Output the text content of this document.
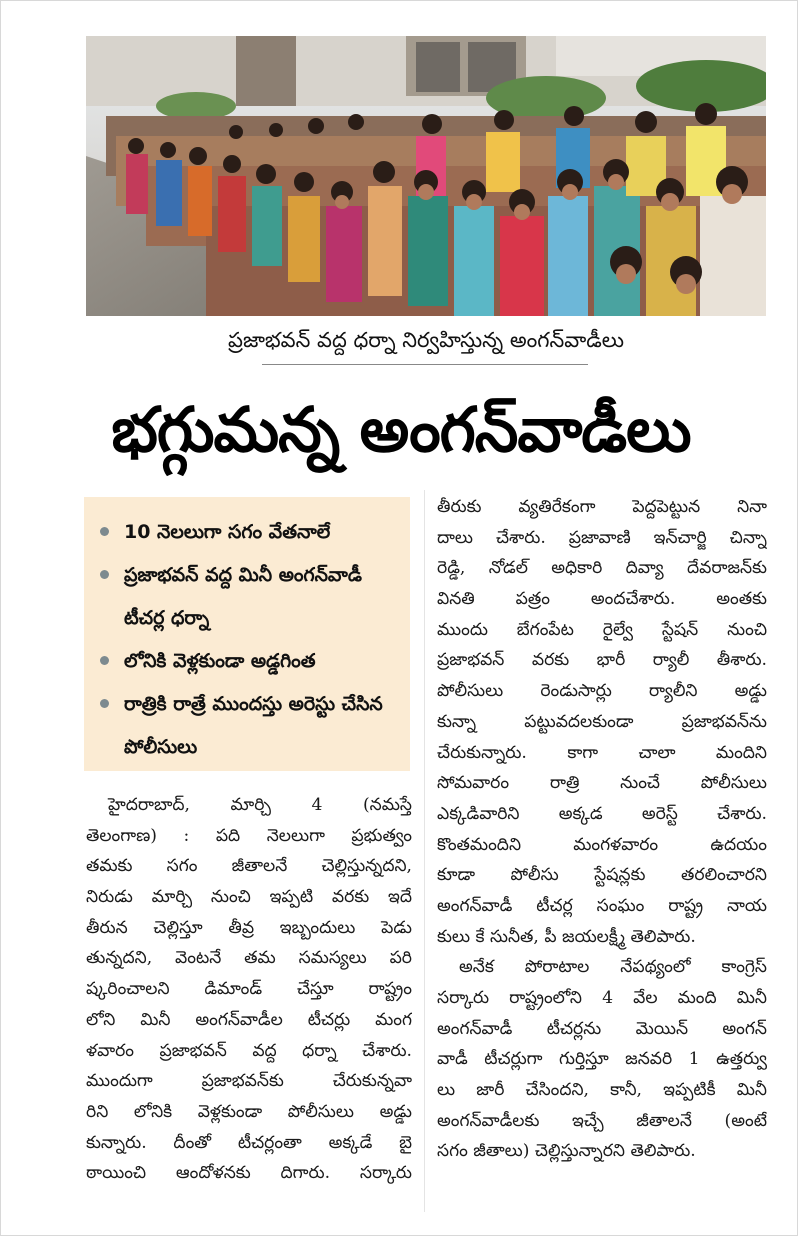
ప్రజాభవన్ వద్ద ధర్నా నిర్వహిస్తున్న అంగన్‌వాడీలు
భగ్గుమన్న అంగన్‌వాడీలు
10 నెలలుగా సగం వేతనాలే
ప్రజాభవన్ వద్ద మినీ అంగన్‌వాడీ టీచర్ల ధర్నా
లోనికి వెళ్లకుండా అడ్డగింత
రాత్రికి రాత్రే ముందస్తు అరెస్టు చేసిన పోలీసులు
హైదరాబాద్, మార్చి 4 (నమస్తే
తెలంగాణ) : పది నెలలుగా ప్రభుత్వం
తమకు సగం జీతాలనే చెల్లిస్తున్నదని,
నిరుడు మార్చి నుంచి ఇప్పటి వరకు ఇదే
తీరున చెల్లిస్తూ తీవ్ర ఇబ్బందులు పెడు
తున్నదని, వెంటనే తమ సమస్యలు పరి
ష్కరించాలని డిమాండ్ చేస్తూ రాష్ట్రం
లోని మినీ అంగన్‌వాడీల టీచర్లు మంగ
ళవారం ప్రజాభవన్ వద్ద ధర్నా చేశారు.
ముందుగా ప్రజాభవన్‌కు చేరుకున్నవా
రిని లోనికి వెళ్లకుండా పోలీసులు అడ్డు
కున్నారు. దీంతో టీచర్లంతా అక్కడే బై
ఠాయించి ఆందోళనకు దిగారు. సర్కారు
తీరుకు వ్యతిరేకంగా పెద్దపెట్టున నినా
దాలు చేశారు. ప్రజావాణి ఇన్‌చార్జి చిన్నా
రెడ్డి, నోడల్ అధికారి దివ్యా దేవరాజన్‌కు
వినతి పత్రం అందచేశారు. అంతకు
ముందు బేగంపేట రైల్వే స్టేషన్ నుంచి
ప్రజాభవన్ వరకు భారీ ర్యాలీ తీశారు.
పోలీసులు రెండుసార్లు ర్యాలీని అడ్డు
కున్నా పట్టువదలకుండా ప్రజాభవన్‌ను
చేరుకున్నారు. కాగా చాలా మందిని
సోమవారం రాత్రి నుంచే పోలీసులు
ఎక్కడివారిని అక్కడ అరెస్ట్ చేశారు.
కొంతమందిని మంగళవారం ఉదయం
కూడా పోలీసు స్టేషన్లకు తరలించారని
అంగన్‌వాడీ టీచర్ల సంఘం రాష్ట్ర నాయ
కులు కే సునీత, పీ జయలక్ష్మీ తెలిపారు.
అనేక పోరాటాల నేపథ్యంలో కాంగ్రెస్
సర్కారు రాష్ట్రంలోని 4 వేల మంది మినీ
అంగన్‌వాడీ టీచర్లను మెయిన్ అంగన్
వాడీ టీచర్లుగా గుర్తిస్తూ జనవరి 1 ఉత్తర్వు
లు జారీ చేసిందని, కానీ, ఇప్పటికీ మినీ
అంగన్‌వాడీలకు ఇచ్చే జీతాలనే (అంటే
సగం జీతాలు) చెల్లిస్తున్నారని తెలిపారు.
